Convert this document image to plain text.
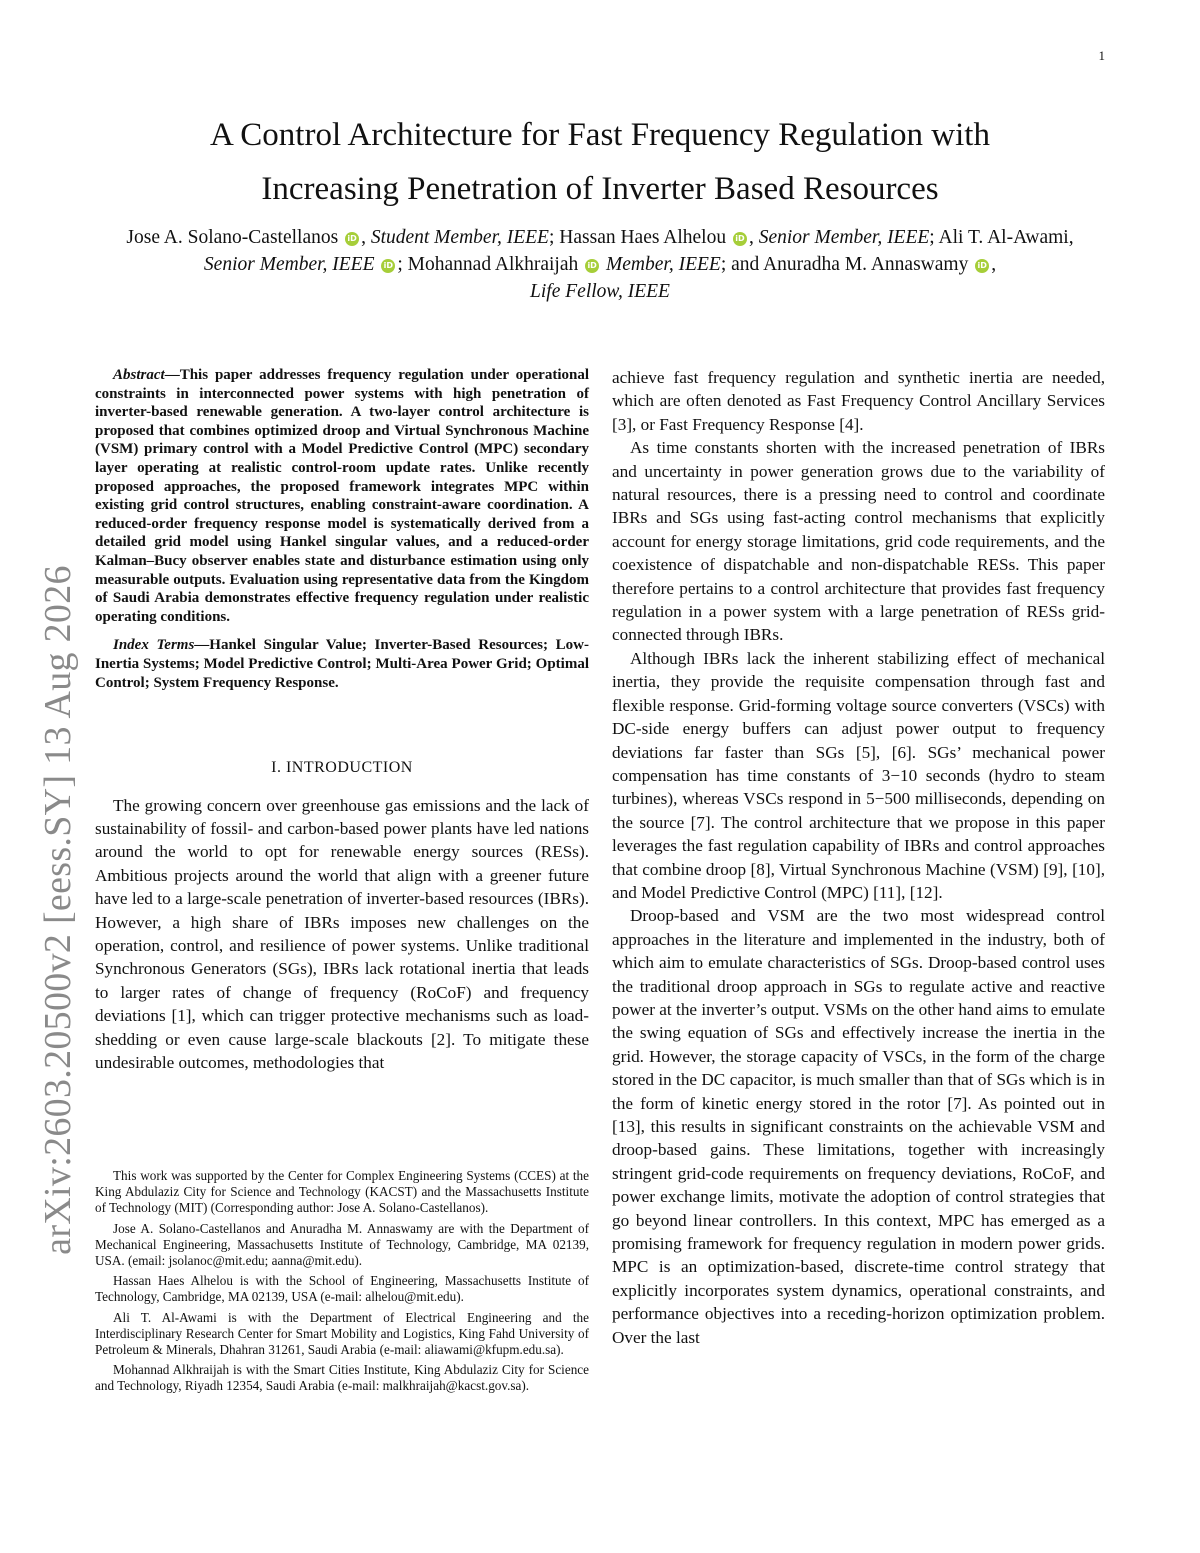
1
arXiv:2603.20500v2 [eess.SY] 13 Aug 2026
A Control Architecture for Fast Frequency Regulation with
Increasing Penetration of Inverter Based Resources
Jose A. Solano-Castellanos iD , Student Member, IEEE; Hassan Haes Alhelou iD , Senior Member, IEEE; Ali T. Al-Awami, Senior Member, IEEE iD ; Mohannad Alkhraijah iD Member, IEEE; and Anuradha M. Annaswamy iD ,
Life Fellow, IEEE

Abstract—This paper addresses frequency regulation under operational constraints in interconnected power systems with high penetration of inverter-based renewable generation. A two-layer control architecture is proposed that combines optimized droop and Virtual Synchronous Machine (VSM) primary control with a Model Predictive Control (MPC) secondary layer operating at realistic control-room update rates. Unlike recently proposed approaches, the proposed framework integrates MPC within existing grid control structures, enabling constraint-aware coordination. A reduced-order frequency response model is systematically derived from a detailed grid model using Hankel singular values, and a reduced-order Kalman–Bucy observer enables state and disturbance estimation using only measurable outputs. Evaluation using representative data from the Kingdom of Saudi Arabia demonstrates effective frequency regulation under realistic operating conditions.

Index Terms—Hankel Singular Value; Inverter-Based Resources; Low-Inertia Systems; Model Predictive Control; Multi-Area Power Grid; Optimal Control; System Frequency Response.

I. INTRODUCTION

The growing concern over greenhouse gas emissions and the lack of sustainability of fossil- and carbon-based power plants have led nations around the world to opt for renewable energy sources (RESs). Ambitious projects around the world that align with a greener future have led to a large-scale penetration of inverter-based resources (IBRs). However, a high share of IBRs imposes new challenges on the operation, control, and resilience of power systems. Unlike traditional Synchronous Generators (SGs), IBRs lack rotational inertia that leads to larger rates of change of frequency (RoCoF) and frequency deviations [1], which can trigger protective mechanisms such as load-shedding or even cause large-scale blackouts [2]. To mitigate these undesirable outcomes, methodologies that

This work was supported by the Center for Complex Engineering Systems (CCES) at the King Abdulaziz City for Science and Technology (KACST) and the Massachusetts Institute of Technology (MIT) (Corresponding author: Jose A. Solano-Castellanos).

Jose A. Solano-Castellanos and Anuradha M. Annaswamy are with the Department of Mechanical Engineering, Massachusetts Institute of Technology, Cambridge, MA 02139, USA. (email: jsolanoc@mit.edu; aanna@mit.edu).

Hassan Haes Alhelou is with the School of Engineering, Massachusetts Institute of Technology, Cambridge, MA 02139, USA (e-mail: alhelou@mit.edu).

Ali T. Al-Awami is with the Department of Electrical Engineering and the Interdisciplinary Research Center for Smart Mobility and Logistics, King Fahd University of Petroleum & Minerals, Dhahran 31261, Saudi Arabia (e-mail: aliawami@kfupm.edu.sa).

Mohannad Alkhraijah is with the Smart Cities Institute, King Abdulaziz City for Science and Technology, Riyadh 12354, Saudi Arabia (e-mail: malkhraijah@kacst.gov.sa).

achieve fast frequency regulation and synthetic inertia are needed, which are often denoted as Fast Frequency Control Ancillary Services [3], or Fast Frequency Response [4].

As time constants shorten with the increased penetration of IBRs and uncertainty in power generation grows due to the variability of natural resources, there is a pressing need to control and coordinate IBRs and SGs using fast-acting control mechanisms that explicitly account for energy storage limitations, grid code requirements, and the coexistence of dispatchable and non-dispatchable RESs. This paper therefore pertains to a control architecture that provides fast frequency regulation in a power system with a large penetration of RESs grid-connected through IBRs.

Although IBRs lack the inherent stabilizing effect of mechanical inertia, they provide the requisite compensation through fast and flexible response. Grid-forming voltage source converters (VSCs) with DC-side energy buffers can adjust power output to frequency deviations far faster than SGs [5], [6]. SGs’ mechanical power compensation has time constants of 3−10 seconds (hydro to steam turbines), whereas VSCs respond in 5−500 milliseconds, depending on the source [7]. The control architecture that we propose in this paper leverages the fast regulation capability of IBRs and control approaches that combine droop [8], Virtual Synchronous Machine (VSM) [9], [10], and Model Predictive Control (MPC) [11], [12].

Droop-based and VSM are the two most widespread control approaches in the literature and implemented in the industry, both of which aim to emulate characteristics of SGs. Droop-based control uses the traditional droop approach in SGs to regulate active and reactive power at the inverter’s output. VSMs on the other hand aims to emulate the swing equation of SGs and effectively increase the inertia in the grid. However, the storage capacity of VSCs, in the form of the charge stored in the DC capacitor, is much smaller than that of SGs which is in the form of kinetic energy stored in the rotor [7]. As pointed out in [13], this results in significant constraints on the achievable VSM and droop-based gains. These limitations, together with increasingly stringent grid-code requirements on frequency deviations, RoCoF, and power exchange limits, motivate the adoption of control strategies that go beyond linear controllers. In this context, MPC has emerged as a promising framework for frequency regulation in modern power grids. MPC is an optimization-based, discrete-time control strategy that explicitly incorporates system dynamics, operational constraints, and performance objectives into a receding-horizon optimization problem. Over the last
